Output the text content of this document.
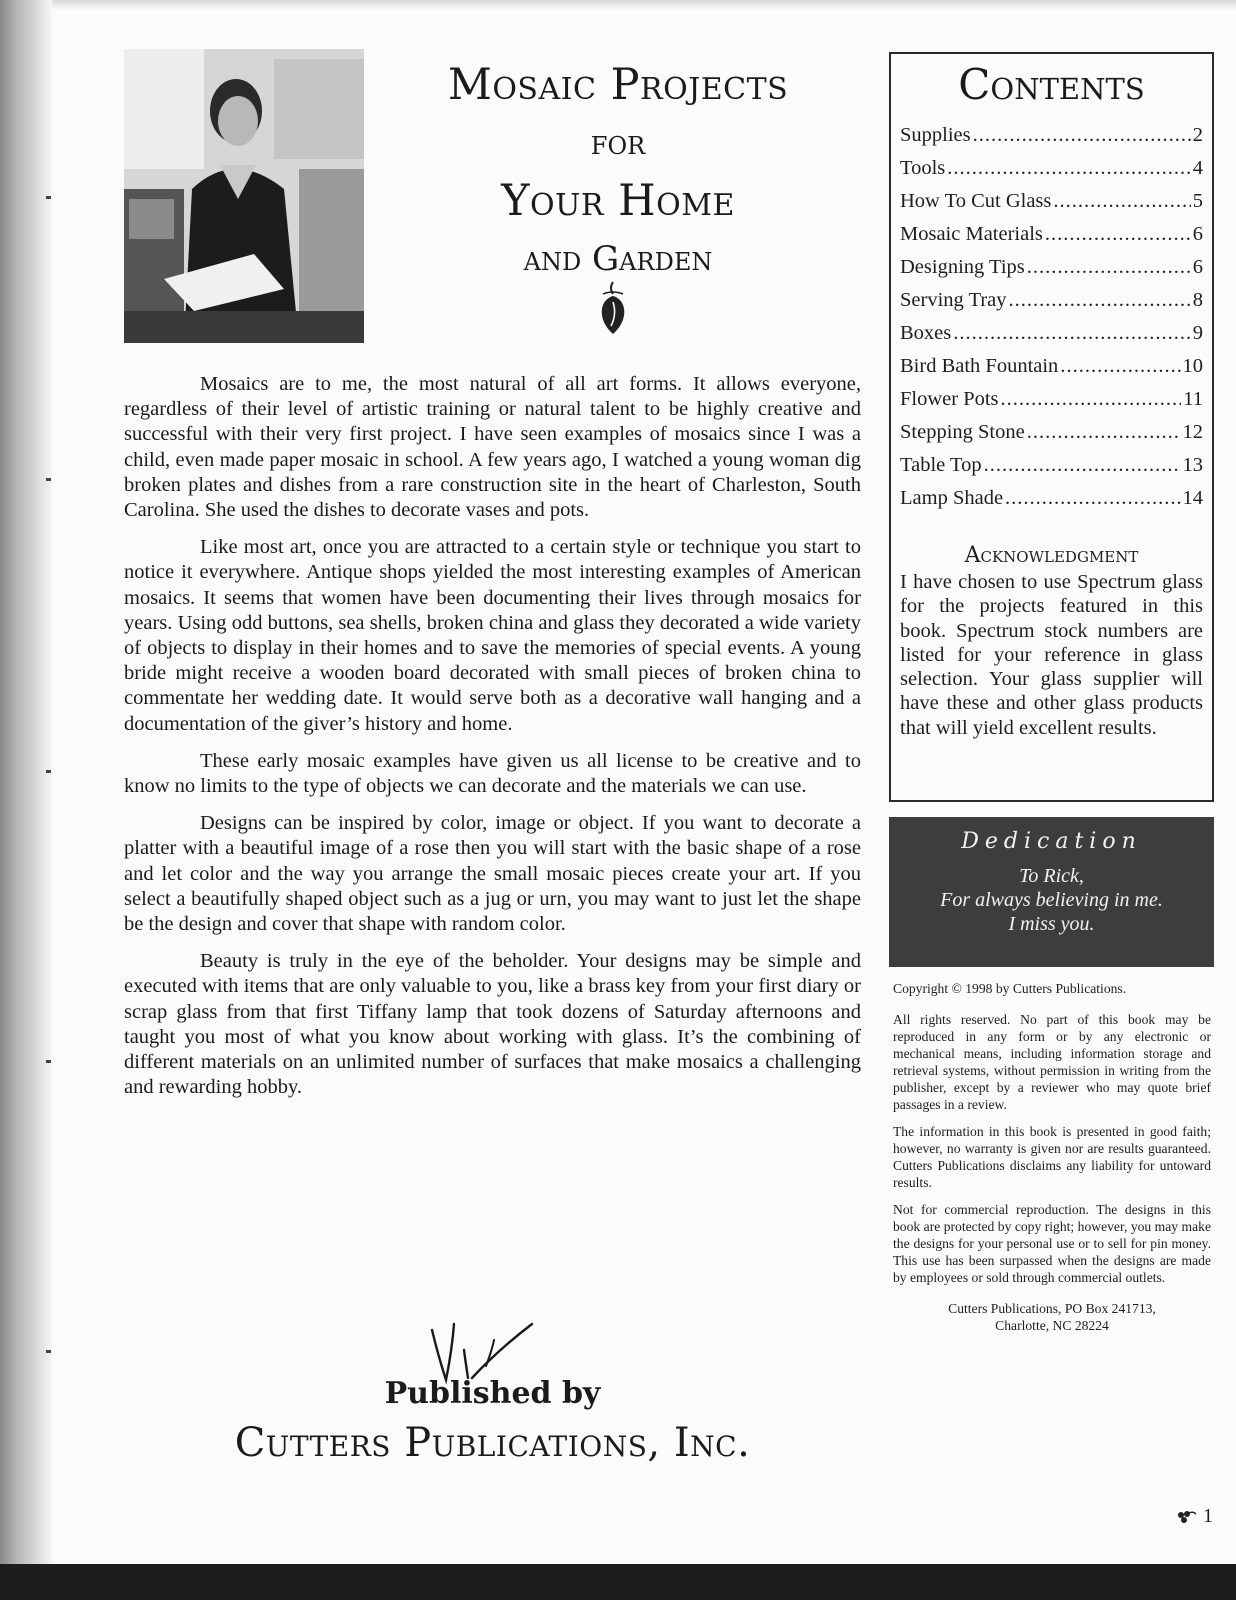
Mosaic Projects
for
Your Home
and Garden

Mosaics are to me, the most natural of all art forms. It allows everyone, regardless of their level of artistic training or natural talent to be highly creative and successful with their very first project. I have seen examples of mosaics since I was a child, even made paper mosaic in school. A few years ago, I watched a young woman dig broken plates and dishes from a rare construction site in the heart of Charleston, South Carolina. She used the dishes to decorate vases and pots.

Like most art, once you are attracted to a certain style or technique you start to notice it everywhere. Antique shops yielded the most interesting examples of American mosaics. It seems that women have been documenting their lives through mosaics for years. Using odd buttons, sea shells, broken china and glass they decorated a wide variety of objects to display in their homes and to save the memories of special events. A young bride might receive a wooden board decorated with small pieces of broken china to commentate her wedding date. It would serve both as a decorative wall hanging and a documentation of the giver’s history and home.

These early mosaic examples have given us all license to be creative and to know no limits to the type of objects we can decorate and the materials we can use.

Designs can be inspired by color, image or object. If you want to decorate a platter with a beautiful image of a rose then you will start with the basic shape of a rose and let color and the way you arrange the small mosaic pieces create your art. If you select a beautifully shaped object such as a jug or urn, you may want to just let the shape be the design and cover that shape with random color.

Beauty is truly in the eye of the beholder. Your designs may be simple and executed with items that are only valuable to you, like a brass key from your first diary or scrap glass from that first Tiffany lamp that took dozens of Saturday afternoons and taught you most of what you know about working with glass. It’s the combining of different materials on an unlimited number of surfaces that make mosaics a challenging and rewarding hobby.

Published by
Cutters Publications, Inc.
Contents
Supplies .....	2
Tools .....	4
How To Cut Glass .....	5
Mosaic Materials .....	6
Designing Tips .....	6
Serving Tray .....	8
Boxes .....	9
Bird Bath Fountain .....	10
Flower Pots .....	11
Stepping Stone .....	12
Table Top .....	13
Lamp Shade .....	14
Acknowledgment
I have chosen to use Spectrum glass for the projects featured in this book. Spectrum stock numbers are listed for your reference in glass selection. Your glass supplier will have these and other glass products that will yield excellent results.
Dedication
To Rick,
For always believing in me.
I miss you.

Copyright © 1998 by Cutters Publications.

All rights reserved. No part of this book may be reproduced in any form or by any electronic or mechanical means, including information storage and retrieval systems, without permission in writing from the publisher, except by a reviewer who may quote brief passages in a review.

The information in this book is presented in good faith; however, no warranty is given nor are results guaranteed. Cutters Publications disclaims any liability for untoward results.

Not for commercial reproduction. The designs in this book are protected by copy right; however, you may make the designs for your personal use or to sell for pin money. This use has been surpassed when the designs are made by employees or sold through commercial outlets.

Cutters Publications, PO Box 241713,
Charlotte, NC 28224
1
